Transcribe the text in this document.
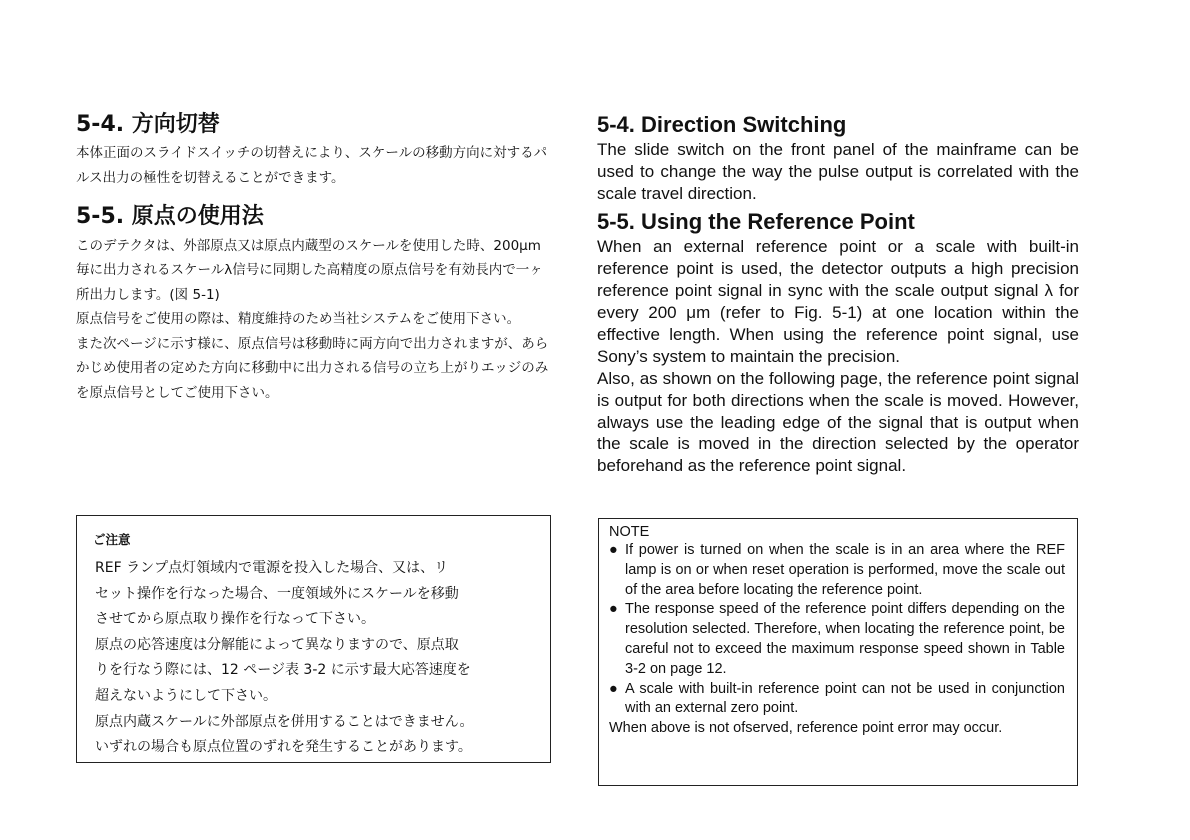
5-4. 方向切替

本体正面のスライドスイッチの切替えにより、スケールの移動方向に対するパルス出力の極性を切替えることができます。

5-5. 原点の使用法

このデテクタは、外部原点又は原点内蔵型のスケールを使用した時、200μm 毎に出力されるスケールλ信号に同期した高精度の原点信号を有効長内で一ヶ所出力します。(図 5-1)
原点信号をご使用の際は、精度維持のため当社システムをご使用下さい。
また次ページに示す様に、原点信号は移動時に両方向で出力されますが、あらかじめ使用者の定めた方向に移動中に出力される信号の立ち上がりエッジのみを原点信号としてご使用下さい。

5-4. Direction Switching

The slide switch on the front panel of the mainframe can be used to change the way the pulse output is correlated with the scale travel direction.

5-5. Using the Reference Point

When an external reference point or a scale with built-in reference point is used, the detector outputs a high precision reference point signal in sync with the scale output signal λ for every 200 μm (refer to Fig. 5-1) at one location within the effective length. When using the reference point signal, use Sony’s system to maintain the precision.
Also, as shown on the following page, the reference point signal is output for both directions when the scale is moved. However, always use the leading edge of the signal that is output when the scale is moved in the direction selected by the operator beforehand as the reference point signal.

ご注意

REF ランプ点灯領域内で電源を投入した場合、又は、リ

セット操作を行なった場合、一度領域外にスケールを移動

させてから原点取り操作を行なって下さい。

原点の応答速度は分解能によって異なりますので、原点取

りを行なう際には、12 ページ表 3-2 に示す最大応答速度を

超えないようにして下さい。

原点内蔵スケールに外部原点を併用することはできません。

いずれの場合も原点位置のずれを発生することがあります。

NOTE

● If power is turned on when the scale is in an area where the REF lamp is on or when reset operation is performed, move the scale out of the area before locating the reference point.

● The response speed of the reference point differs depending on the resolution selected. Therefore, when locating the reference point, be careful not to exceed the maximum response speed shown in Table 3-2 on page 12.

● A scale with built-in reference point can not be used in conjunction with an external zero point.

When above is not ofserved, reference point error may occur.
